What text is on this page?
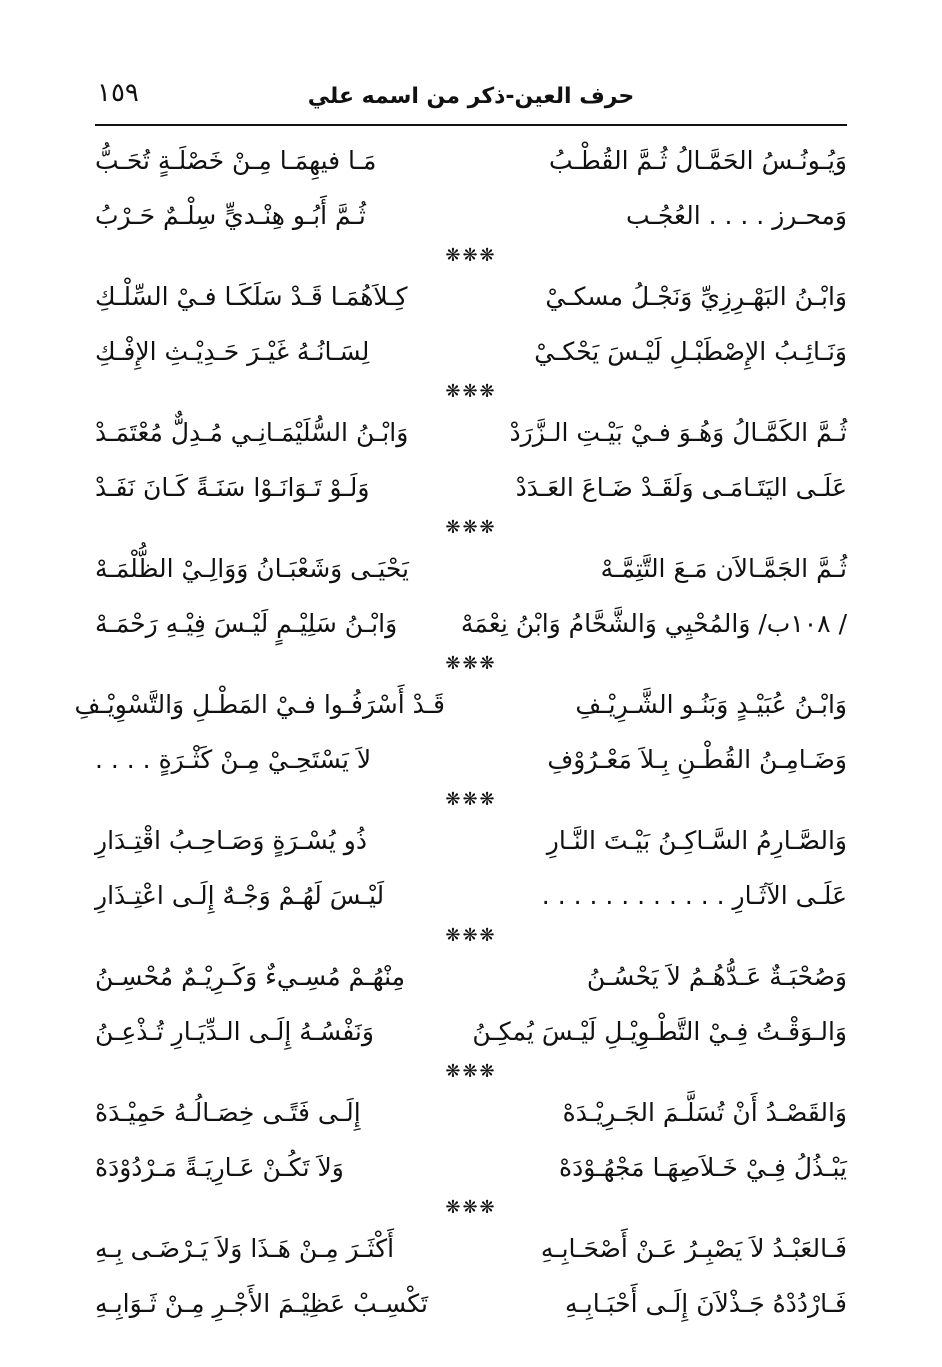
١٥٩	حرف العين-ذكر من اسمه علي
وَيُـونُـسُ الحَمَّـالُ ثُـمَّ القُطْـبُ
مَـا فيهِمَـا مِـنْ خَصْلَـةٍ تُحَـبُّ
وَمحـرز . . . . العُجُـب
ثُـمَّ أَبُـو هِنْـديٍّ سِلْـمٌ حَـرْبُ
❋❋❋
وَابْـنُ البَهْـرِزِيِّ وَنَجْـلُ مسكـيْ
كِـلاَهُمَـا قَـدْ سَلَكَـا فـيْ السِّلْـكِ
وَنَـائِـبُ الإِصْطَبْـلِ لَيْـسَ يَحْكـيْ
لِسَـانُـهُ غَيْـرَ حَـدِيْـثِ الإِفْـكِ
❋❋❋
ثُـمَّ الكَمَّـالُ وَهُـوَ فـيْ بَيْـتِ الـزَّرَدْ
وَابْـنُ السُّلَيْمَـانِـي مُـدِلٌّ مُعْتَمَـدْ
عَلَـى اليَتَـامَـى وَلَقَـدْ ضَـاعَ العَـدَدْ
وَلَـوْ تَـوَانَـوْا سَنَـةً كَـانَ نَفَـدْ
❋❋❋
ثُـمَّ الجَمَّـالاَن مَـعَ التَّتِمَّـهْ
يَحْيَـى وَشَعْبَـانُ وَوَالِـيْ الظُّلْمَـهْ
/ ١٠٨ب/ وَالمُحْيِي وَالشَّحَّامُ وَابْنُ نِعْمَهْ
وَابْـنُ سَلِيْـمٍ لَيْـسَ فِيْـهِ رَحْمَـهْ
❋❋❋
وَابْـنُ عُبَيْـدٍ وَبَنُـو الشَّـرِيْـفِ
قَـدْ أَسْرَفُـوا فـيْ المَطْـلِ وَالتَّسْوِيْـفِ
وَضَـامِـنُ القُطْـنِ بِـلاَ مَعْـرُوْفِ
لاَ يَسْتَحِـيْ مِـنْ كَثْـرَةٍ . . . .
❋❋❋
وَالصَّـارِمُ السَّـاكِـنُ بَيْـتَ النَّـارِ
ذُو يُسْـرَةٍ وَصَـاحِـبُ اقْتِـدَارِ
عَلَـى الآثَـارِ . . . . . . . . . . . .
لَيْـسَ لَهُـمْ وَجْـهٌ إِلَـى اعْتِـذَارِ
❋❋❋
وَصُحْبَـةٌ عَـدُّهُـمُ لاَ يَحْسُـنُ
مِنْهُـمْ مُسِـيءٌ وَكَـرِيْـمٌ مُحْسِـنُ
وَالـوَقْـتُ فِـيْ التَّطْـوِيْـلِ لَيْـسَ يُمكِـنُ
وَنَفْسُـهُ إِلَـى الـدِّيَـارِ تُـذْعِـنُ
❋❋❋
وَالقَصْـدُ أَنْ تُسَلَّـمَ الجَـرِيْـدَهْ
إِلَـى فَتًـى خِصَـالُـهُ حَمِيْـدَهْ
يَبْـذُلُ فِـيْ خَـلاَصِهَـا مَجْهُـوْدَهْ
وَلاَ تَكُـنْ عَـارِيَـةً مَـرْدُوْدَهْ
❋❋❋
فَـالعَبْـدُ لاَ يَصْبِـرُ عَـنْ أَصْحَـابِـهِ
أَكْثَـرَ مِـنْ هَـذَا وَلاَ يَـرْضَـى بِـهِ
فَـارْدُدْهُ جَـذْلاَنَ إِلَـى أَحْبَـابِـهِ
تَكْسِـبْ عَظِيْـمَ الأَجْـرِ مِـنْ ثَـوَابِـهِ
